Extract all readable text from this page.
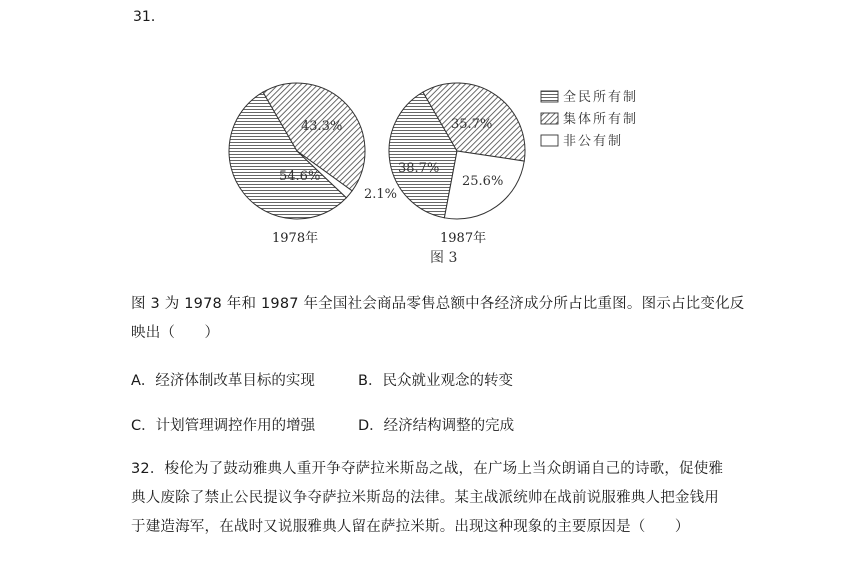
31．
54.6%
43.3%
2.1%
1978年
38.7%
35.7%
25.6%
1987年
全民所有制
集体所有制
非公有制
图 3
图 3 为 1978 年和 1987 年全国社会商品零售总额中各经济成分所占比重图。图示占比变化反
映出（　　）
A．经济体制改革目标的实现	B．民众就业观念的转变
C．计划管理调控作用的增强	D．经济结构调整的完成
32．梭伦为了鼓动雅典人重开争夺萨拉米斯岛之战，在广场上当众朗诵自己的诗歌，促使雅
典人废除了禁止公民提议争夺萨拉米斯岛的法律。某主战派统帅在战前说服雅典人把金钱用
于建造海军，在战时又说服雅典人留在萨拉米斯。出现这种现象的主要原因是（　　）
